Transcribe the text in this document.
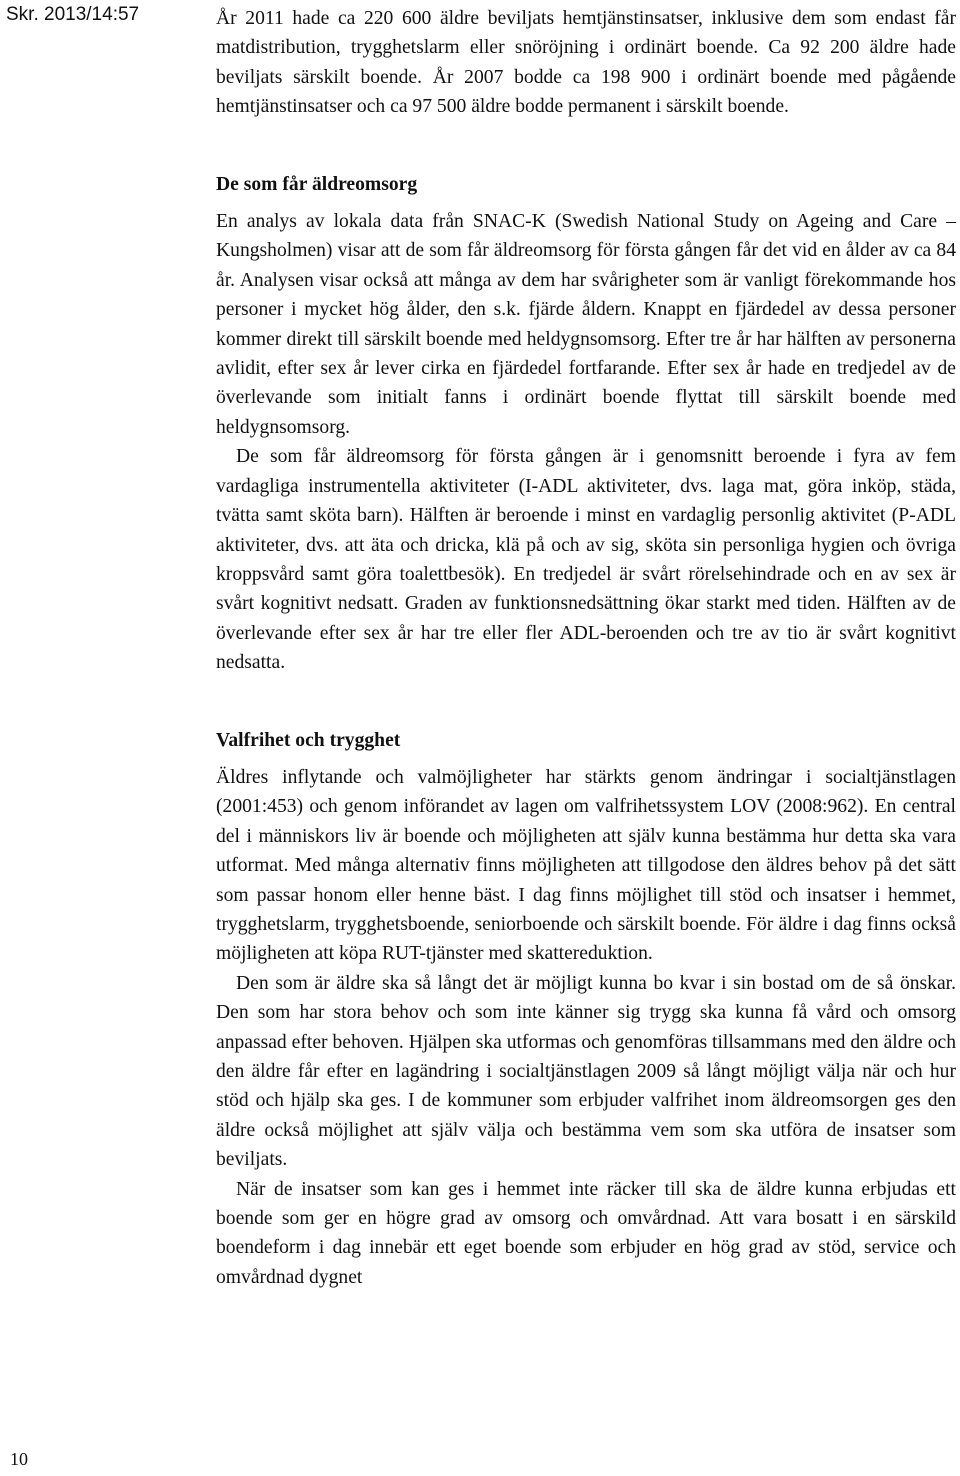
Skr. 2013/14:57	År 2011 hade ca 220 600 äldre beviljats hemtjänstinsatser, inklusive dem som endast får matdistribution, trygghetslarm eller snöröjning i ordinärt boende. Ca 92 200 äldre hade beviljats särskilt boende. År 2007 bodde ca 198 900 i ordinärt boende med pågående hemtjänstinsatser och ca 97 500 äldre bodde permanent i särskilt boende.

De som får äldreomsorg

En analys av lokala data från SNAC-K (Swedish National Study on Ageing and Care – Kungsholmen) visar att de som får äldreomsorg för första gången får det vid en ålder av ca 84 år. Analysen visar också att många av dem har svårigheter som är vanligt förekommande hos personer i mycket hög ålder, den s.k. fjärde åldern. Knappt en fjärdedel av dessa personer kommer direkt till särskilt boende med heldygnsomsorg. Efter tre år har hälften av personerna avlidit, efter sex år lever cirka en fjärdedel fortfarande. Efter sex år hade en tredjedel av de överlevande som initialt fanns i ordinärt boende flyttat till särskilt boende med heldygnsomsorg.

De som får äldreomsorg för första gången är i genomsnitt beroende i fyra av fem vardagliga instrumentella aktiviteter (I-ADL aktiviteter, dvs. laga mat, göra inköp, städa, tvätta samt sköta barn). Hälften är beroende i minst en vardaglig personlig aktivitet (P-ADL aktiviteter, dvs. att äta och dricka, klä på och av sig, sköta sin personliga hygien och övriga kroppsvård samt göra toalettbesök). En tredjedel är svårt rörelsehindrade och en av sex är svårt kognitivt nedsatt. Graden av funktionsnedsättning ökar starkt med tiden. Hälften av de överlevande efter sex år har tre eller fler ADL-beroenden och tre av tio är svårt kognitivt nedsatta.

Valfrihet och trygghet

Äldres inflytande och valmöjligheter har stärkts genom ändringar i socialtjänstlagen (2001:453) och genom införandet av lagen om valfrihetssystem LOV (2008:962). En central del i människors liv är boende och möjligheten att själv kunna bestämma hur detta ska vara utformat. Med många alternativ finns möjligheten att tillgodose den äldres behov på det sätt som passar honom eller henne bäst. I dag finns möjlighet till stöd och insatser i hemmet, trygghetslarm, trygghetsboende, seniorboende och särskilt boende. För äldre i dag finns också möjligheten att köpa RUT-tjänster med skattereduktion.

Den som är äldre ska så långt det är möjligt kunna bo kvar i sin bostad om de så önskar. Den som har stora behov och som inte känner sig trygg ska kunna få vård och omsorg anpassad efter behoven. Hjälpen ska utformas och genomföras tillsammans med den äldre och den äldre får efter en lagändring i socialtjänstlagen 2009 så långt möjligt välja när och hur stöd och hjälp ska ges. I de kommuner som erbjuder valfrihet inom äldreomsorgen ges den äldre också möjlighet att själv välja och bestämma vem som ska utföra de insatser som beviljats.

När de insatser som kan ges i hemmet inte räcker till ska de äldre kunna erbjudas ett boende som ger en högre grad av omsorg och omvårdnad. Att vara bosatt i en särskild boendeform i dag innebär ett eget boende som erbjuder en hög grad av stöd, service och omvårdnad dygnet

10
